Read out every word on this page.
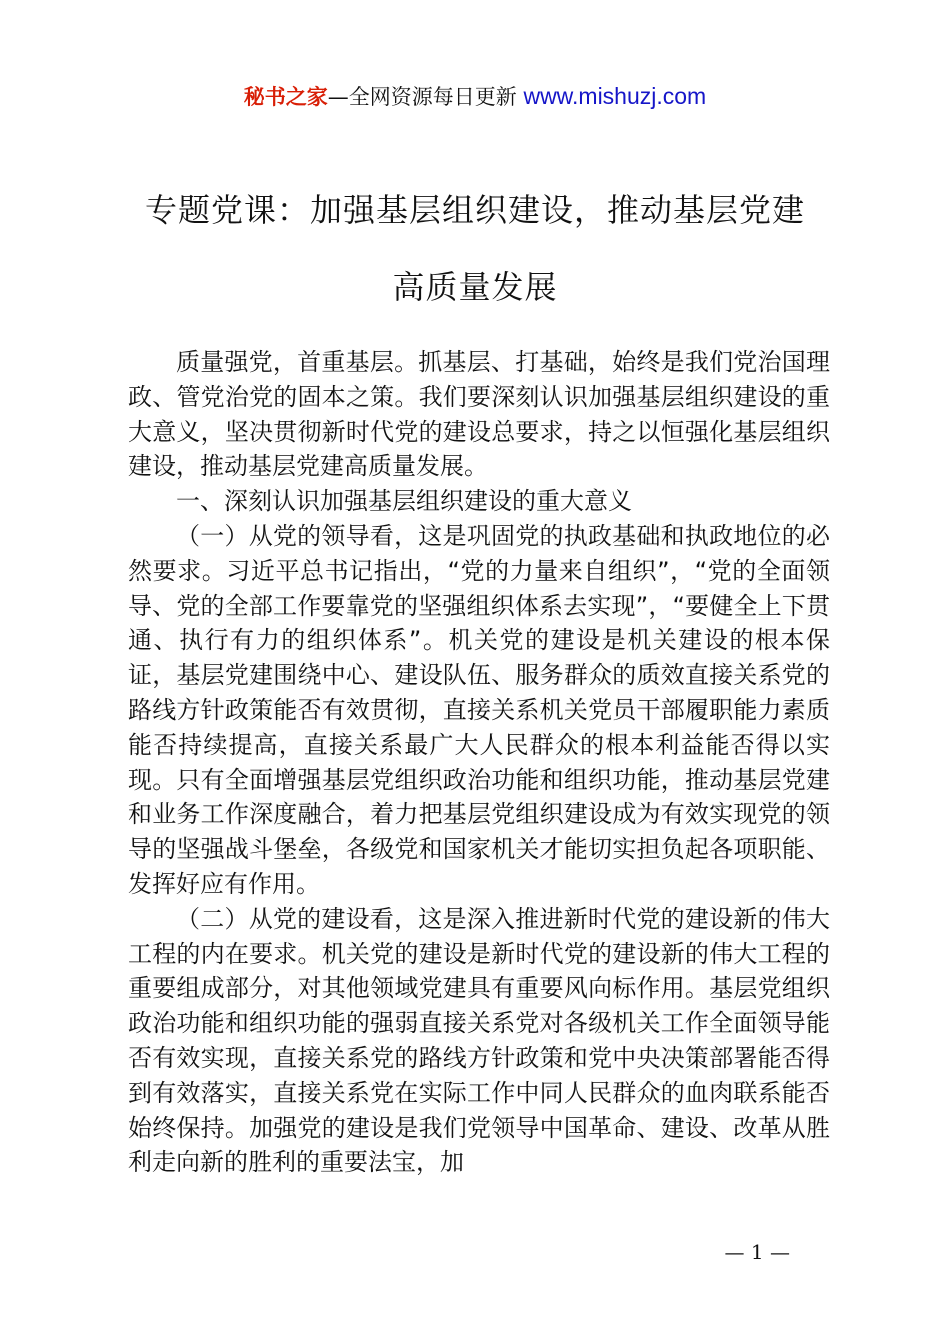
秘书之家—全网资源每日更新 www.mishuzj.com
专题党课：加强基层组织建设，推动基层党建
高质量发展

质量强党，首重基层。抓基层、打基础，始终是我们党治国理政、管党治党的固本之策。我们要深刻认识加强基层组织建设的重大意义，坚决贯彻新时代党的建设总要求，持之以恒强化基层组织建设，推动基层党建高质量发展。

一、深刻认识加强基层组织建设的重大意义

（一）从党的领导看，这是巩固党的执政基础和执政地位的必然要求。习近平总书记指出，“党的力量来自组织”，“党的全面领导、党的全部工作要靠党的坚强组织体系去实现”，“要健全上下贯通、执行有力的组织体系”。机关党的建设是机关建设的根本保证，基层党建围绕中心、建设队伍、服务群众的质效直接关系党的路线方针政策能否有效贯彻，直接关系机关党员干部履职能力素质能否持续提高，直接关系最广大人民群众的根本利益能否得以实现。只有全面增强基层党组织政治功能和组织功能，推动基层党建和业务工作深度融合，着力把基层党组织建设成为有效实现党的领导的坚强战斗堡垒，各级党和国家机关才能切实担负起各项职能、发挥好应有作用。

（二）从党的建设看，这是深入推进新时代党的建设新的伟大工程的内在要求。机关党的建设是新时代党的建设新的伟大工程的重要组成部分，对其他领域党建具有重要风向标作用。基层党组织政治功能和组织功能的强弱直接关系党对各级机关工作全面领导能否有效实现，直接关系党的路线方针政策和党中央决策部署能否得到有效落实，直接关系党在实际工作中同人民群众的血肉联系能否始终保持。加强党的建设是我们党领导中国革命、建设、改革从胜利走向新的胜利的重要法宝，加

— 1 —
